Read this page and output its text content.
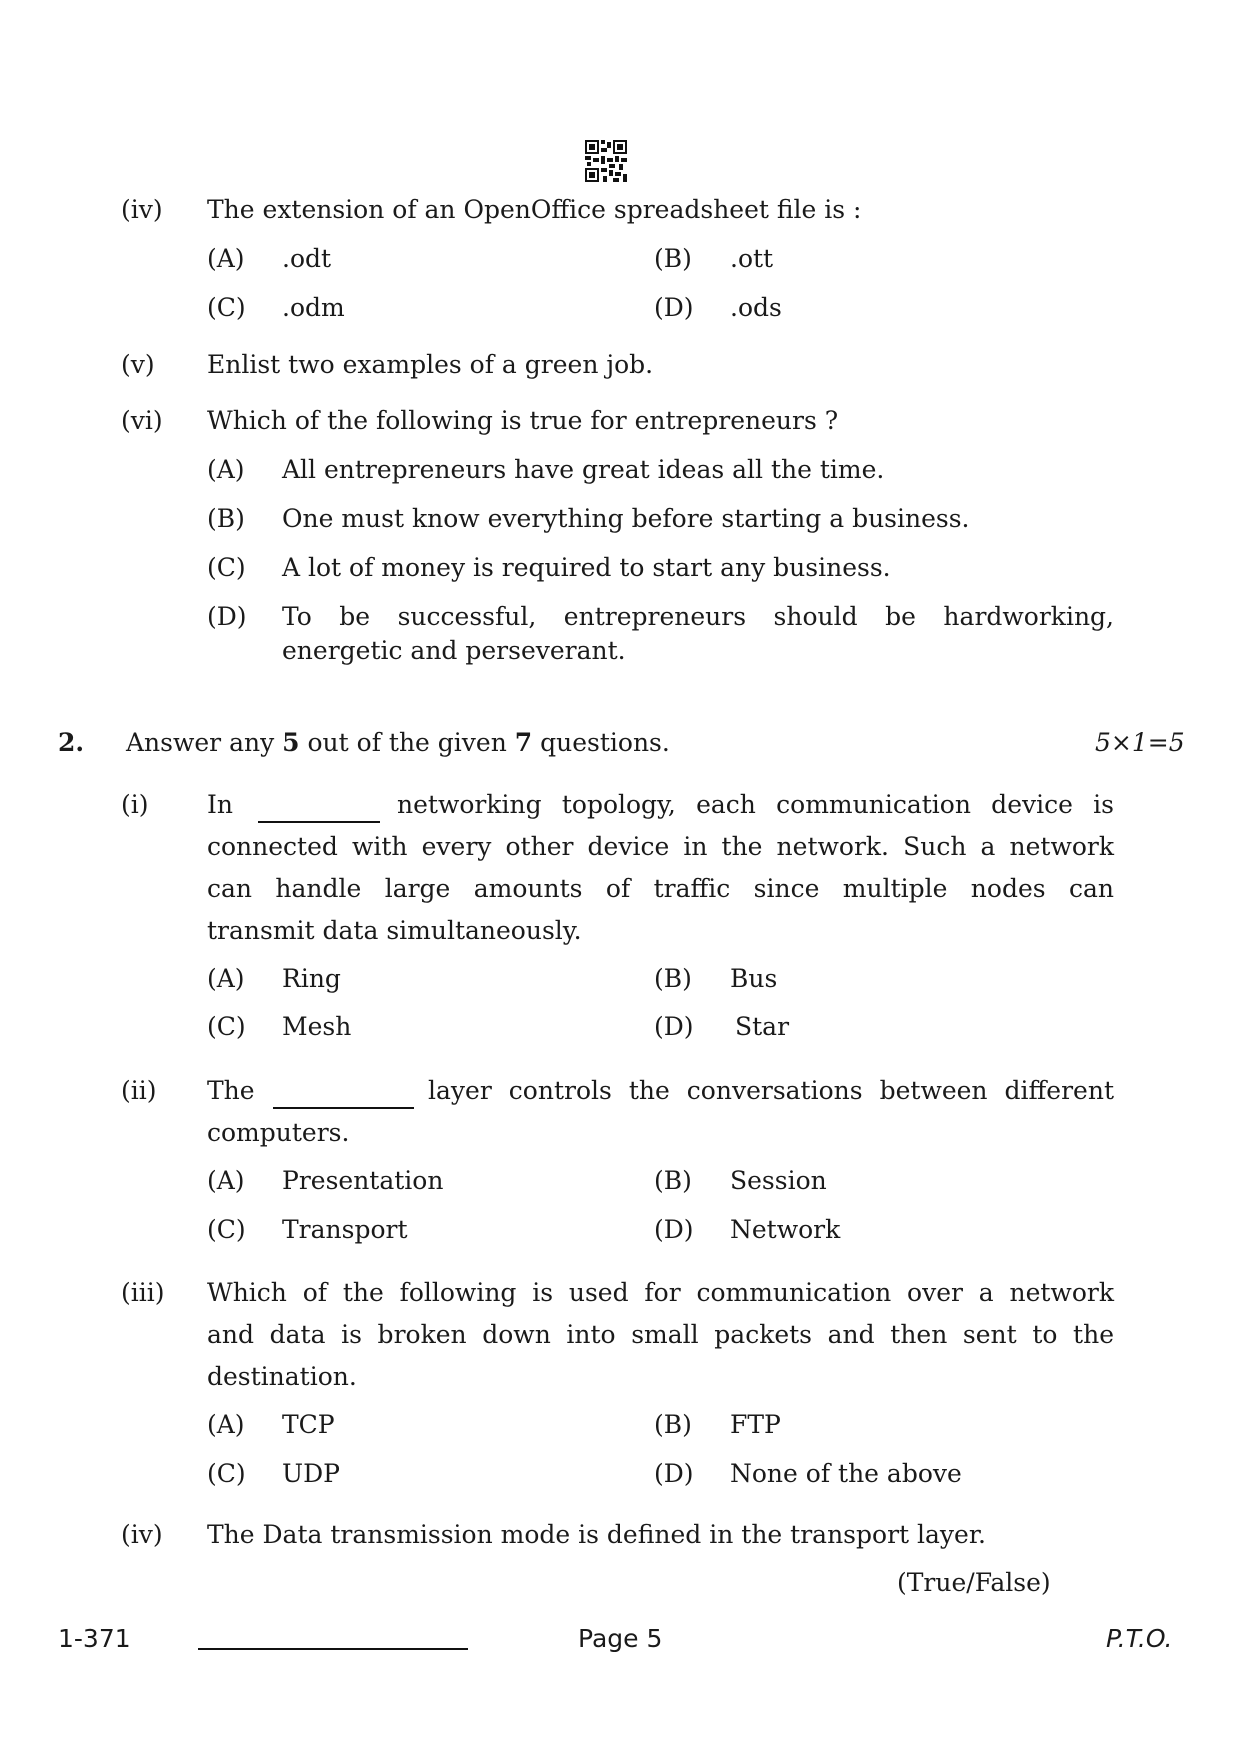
(iv) The extension of an OpenOffice spreadsheet file is :
(A) .odt	(B) .ott
(C) .odm	(D) .ods
(v) Enlist two examples of a green job.
(vi) Which of the following is true for entrepreneurs ?
(A) All entrepreneurs have great ideas all the time.
(B) One must know everything before starting a business.
(C) A lot of money is required to start any business.
(D) To be successful, entrepreneurs should be hardworking,
energetic and perseverant.
2. Answer any 5 out of the given 7 questions.	5×1=5
(i) In	networking topology, each communication device is
connected with every other device in the network. Such a network
can handle large amounts of traffic since multiple nodes can
transmit data simultaneously.
(A) Ring	(B) Bus
(C) Mesh	(D) Star
(ii) The	layer controls the conversations between different
computers.
(A) Presentation	(B) Session
(C) Transport	(D) Network
(iii) Which of the following is used for communication over a network
and data is broken down into small packets and then sent to the
destination.
(A) TCP	(B) FTP
(C) UDP	(D) None of the above
(iv) The Data transmission mode is defined in the transport layer.
(True/False)
1-371	Page 5	P.T.O.
